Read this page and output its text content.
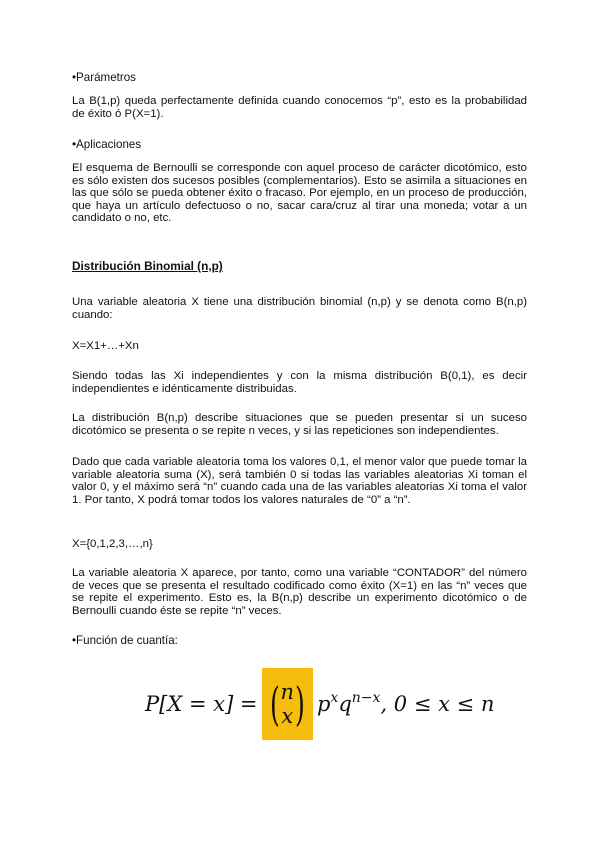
•Parámetros

La B(1,p) queda perfectamente definida cuando conocemos “p”, esto es la probabilidad de éxito ó P(X=1).

•Aplicaciones

El esquema de Bernoulli se corresponde con aquel proceso de carácter dicotómico, esto es sólo existen dos sucesos posibles (complementarios). Esto se asimila a situaciones en las que sólo se pueda obtener éxito o fracaso. Por ejemplo, en un proceso de producción, que haya un artículo defectuoso o no, sacar cara/cruz al tirar una moneda; votar a un candidato o no, etc.

Distribución Binomial (n,p)

Una variable aleatoria X tiene una distribución binomial (n,p) y se denota como B(n,p) cuando:

X=X1+…+Xn

Siendo todas las Xi independientes y con la misma distribución B(0,1), es decir independientes e idénticamente distribuidas.

La distribución B(n,p) describe situaciones que se pueden presentar si un suceso dicotómico se presenta o se repite n veces, y si las repeticiones son independientes.

Dado que cada variable aleatoria toma los valores 0,1, el menor valor que puede tomar la variable aleatoria suma (X), será también 0 si todas las variables aleatorias Xi toman el valor 0, y el máximo será “n” cuando cada una de las variables aleatorias Xi toma el valor 1. Por tanto, X podrá tomar todos los valores naturales de “0” a “n”.

X={0,1,2,3,…,n}

La variable aleatoria X aparece, por tanto, como una variable “CONTADOR” del número de veces que se presenta el resultado codificado como éxito (X=1) en las “n” veces que se repite el experimento. Esto es, la B(n,p) describe un experimento dicotómico o de Bernoulli cuando éste se repite “n” veces.

•Función de cuantía:

P[X = x] = ( n
x ) $p^x$ $q^{n-x}$ , 0 ≤ x ≤ n
